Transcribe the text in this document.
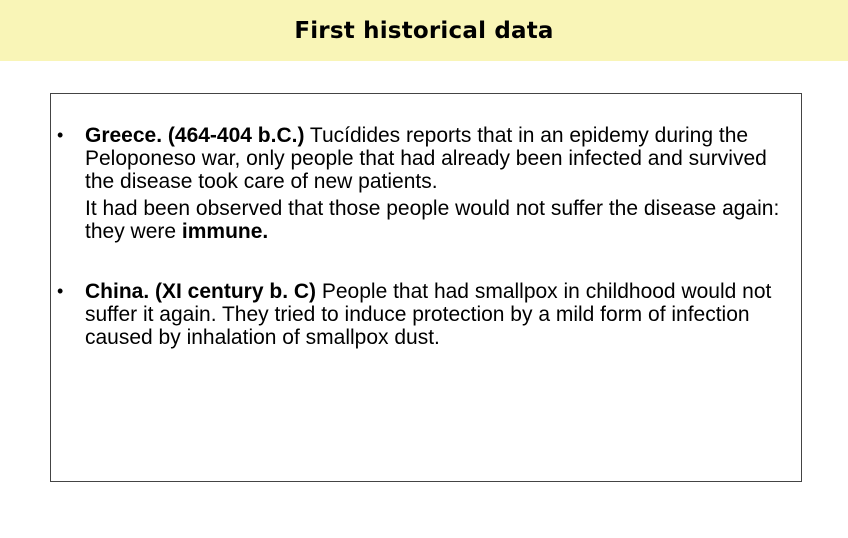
First historical data
•	Greece. (464-404 b.C.) Tucídides reports that in an epidemy during the Peloponeso war, only people that had already been infected and survived the disease took care of new patients.
It had been observed that those people would not suffer the disease again: they were immune.
•	China. (XI century b. C) People that had smallpox in childhood would not suffer it again. They tried to induce protection by a mild form of infection caused by inhalation of smallpox dust.
